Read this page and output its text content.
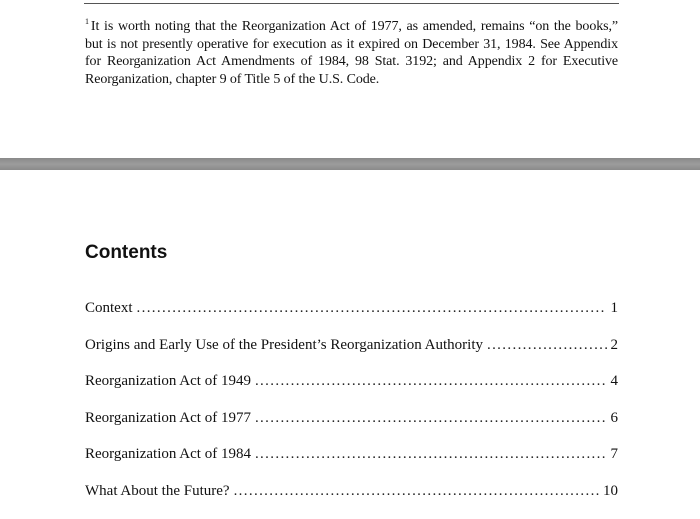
$^1$ It is worth noting that the Reorganization Act of 1977, as amended, remains “on the books,” but is not presently operative for execution as it expired on December 31, 1984. See Appendix for Reorganization Act Amendments of 1984, 98 Stat. 3192; and Appendix 2 for Executive Reorganization, chapter 9 of Title 5 of the U.S. Code.
Contents
Context . . .	1
Origins and Early Use of the President’s Reorganization Authority . . .	2
Reorganization Act of 1949 . . .	4
Reorganization Act of 1977 . . .	6
Reorganization Act of 1984 . . .	7
What About the Future? . . .	10
